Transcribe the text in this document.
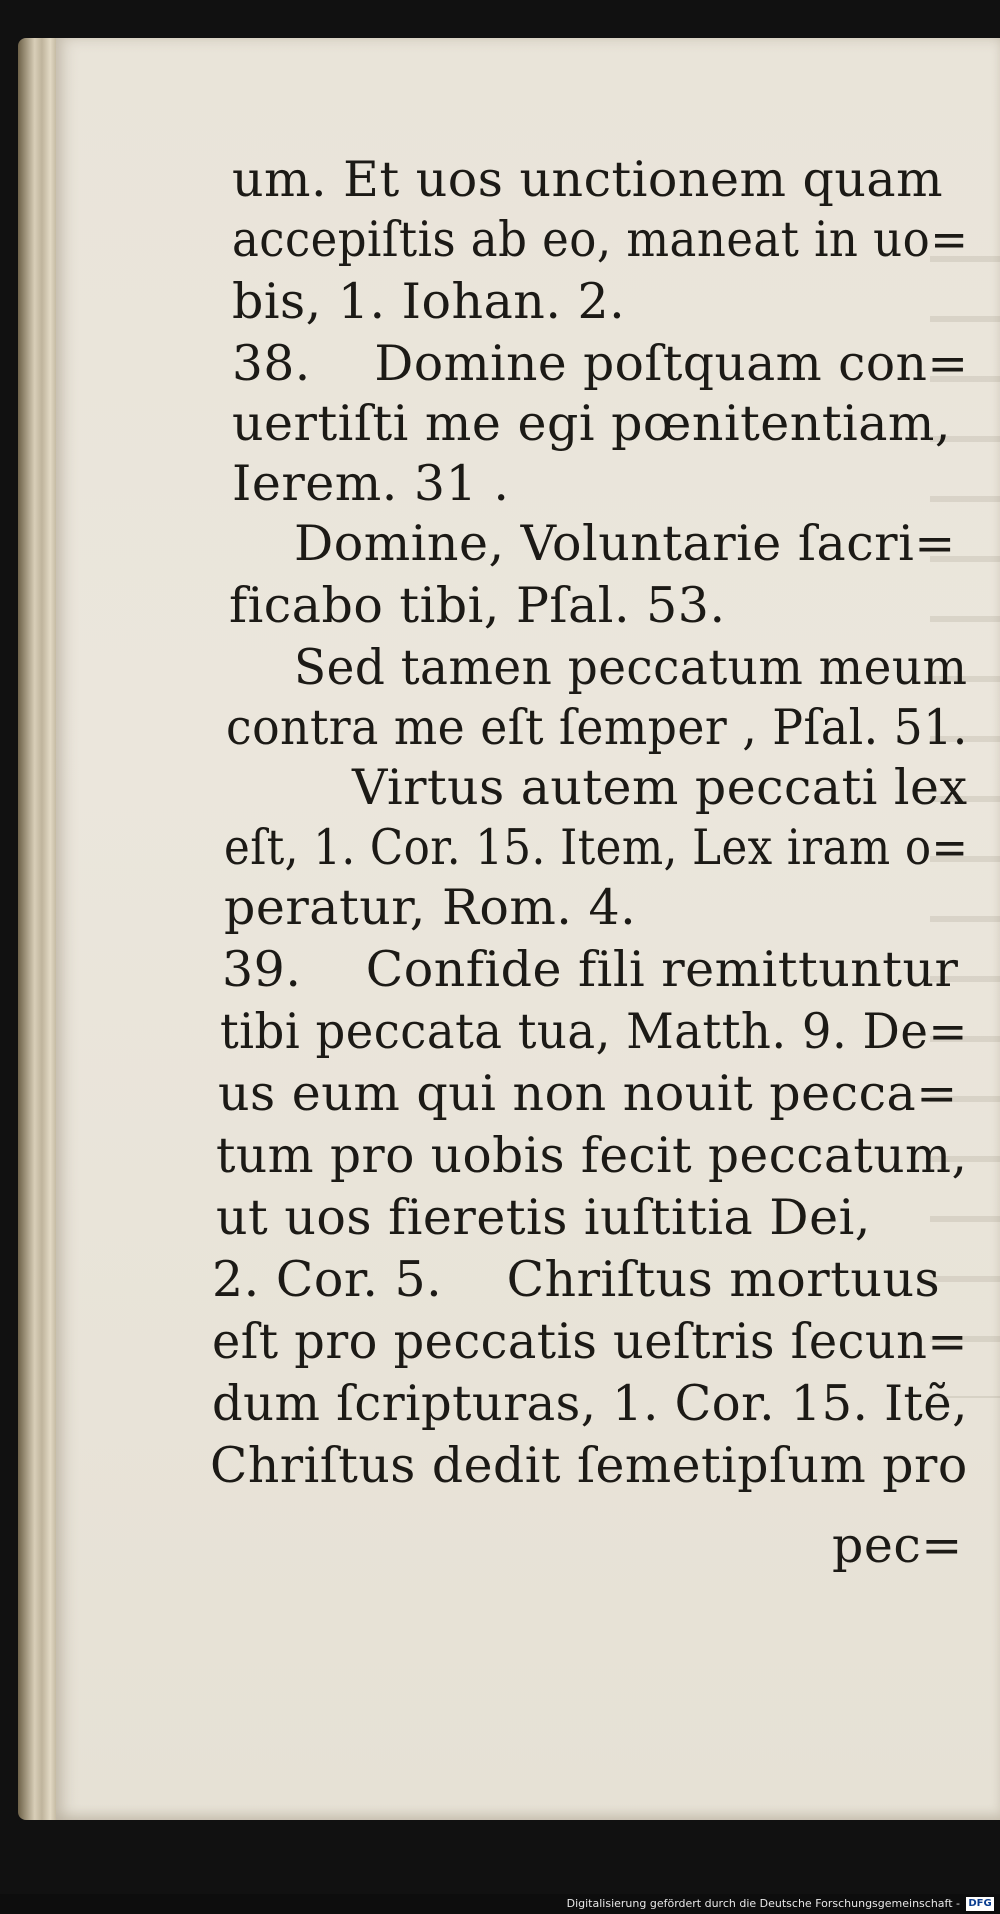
um. Et uos unctionem quam
accepiſtis ab eo, maneat in uo=
bis, 1. Iohan. 2.
38.    Domine poſtquam con=
uertiſti me egi pœnitentiam,
Ierem. 31 .
Domine, Voluntarie ſacri=
ficabo tibi, Pſal. 53.
Sed tamen peccatum meum
contra me eſt ſemper , Pſal. 51.
Virtus autem peccati lex
eſt, 1. Cor. 15. Item, Lex iram o=
peratur, Rom. 4.
39.    Confide fili remittuntur
tibi peccata tua, Matth. 9. De=
us eum qui non nouit pecca=
tum pro uobis fecit peccatum,
ut uos fieretis iuſtitia Dei,
2. Cor. 5.    Chriſtus mortuus
eſt pro peccatis ueſtris ſecun=
dum ſcripturas, 1. Cor. 15. Itẽ,
Chriſtus dedit ſemetipſum pro
pec=
Digitalisierung gefördert durch die Deutsche Forschungsgemeinschaft - DFG
